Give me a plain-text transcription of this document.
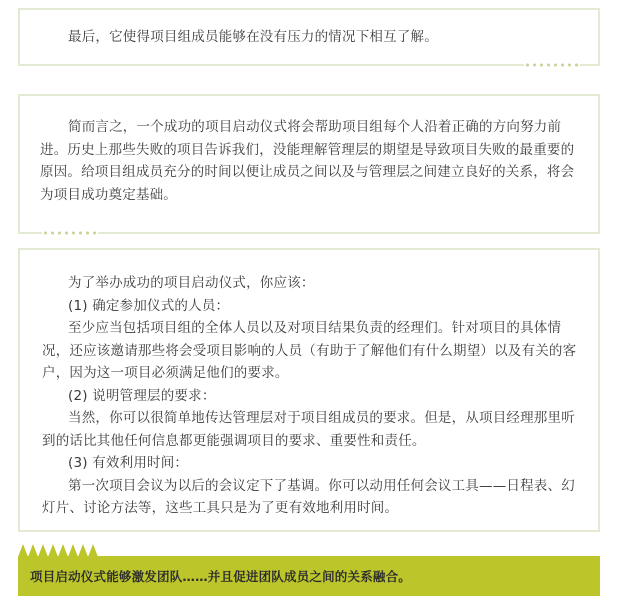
最后，它使得项目组成员能够在没有压力的情况下相互了解。

简而言之，一个成功的项目启动仪式将会帮助项目组每个人沿着正确的方向努力前进。历史上那些失败的项目告诉我们，没能理解管理层的期望是导致项目失败的最重要的原因。给项目组成员充分的时间以便让成员之间以及与管理层之间建立良好的关系，将会为项目成功奠定基础。

为了举办成功的项目启动仪式，你应该：

(1) 确定参加仪式的人员：

至少应当包括项目组的全体人员以及对项目结果负责的经理们。针对项目的具体情况，还应该邀请那些将会受项目影响的人员（有助于了解他们有什么期望）以及有关的客户，因为这一项目必须满足他们的要求。

(2) 说明管理层的要求：

当然，你可以很简单地传达管理层对于项目组成员的要求。但是，从项目经理那里听到的话比其他任何信息都更能强调项目的要求、重要性和责任。

(3) 有效利用时间：

第一次项目会议为以后的会议定下了基调。你可以动用任何会议工具——日程表、幻灯片、讨论方法等，这些工具只是为了更有效地利用时间。

项目启动仪式能够激发团队……并且促进团队成员之间的关系融合。
